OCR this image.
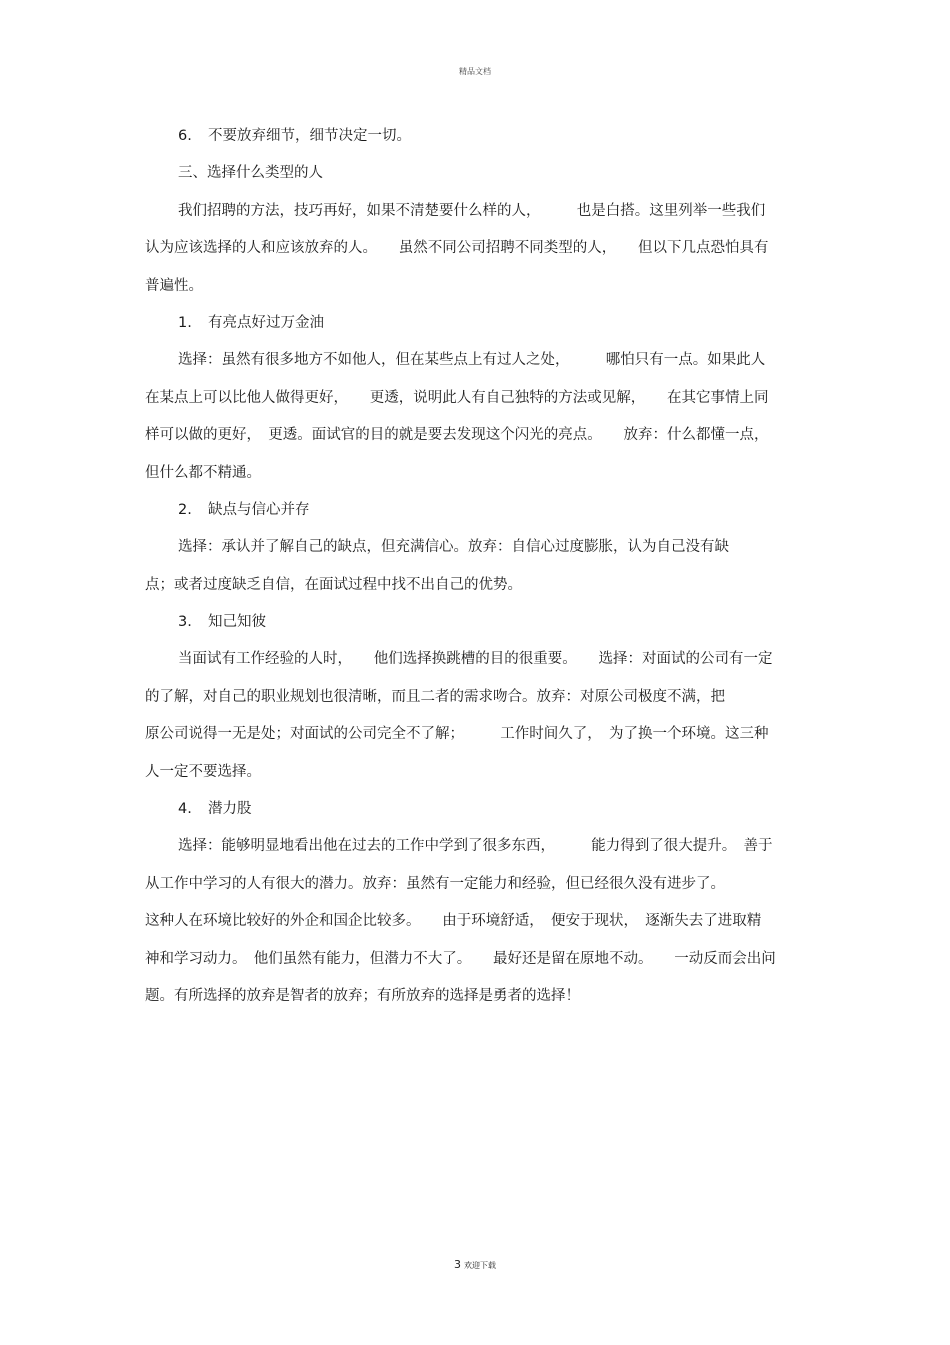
精品文档
6. 不要放弃细节，细节决定一切。
三、选择什么类型的人
我们招聘的方法，技巧再好，如果不清楚要什么样的人，　　　也是白搭。这里列举一些我们
认为应该选择的人和应该放弃的人。　　虽然不同公司招聘不同类型的人，　　但以下几点恐怕具有
普遍性。
1. 有亮点好过万金油
选择：虽然有很多地方不如他人，但在某些点上有过人之处，　　　哪怕只有一点。如果此人
在某点上可以比他人做得更好，　　更透，说明此人有自己独特的方法或见解，　　在其它事情上同
样可以做的更好，　更透。面试官的目的就是要去发现这个闪光的亮点。　　放弃：什么都懂一点，
但什么都不精通。
2. 缺点与信心并存
选择：承认并了解自己的缺点，但充满信心。放弃：自信心过度膨胀，认为自己没有缺
点；或者过度缺乏自信，在面试过程中找不出自己的优势。
3. 知己知彼
当面试有工作经验的人时，　　他们选择换跳槽的目的很重要。　　选择：对面试的公司有一定
的了解，对自己的职业规划也很清晰，而且二者的需求吻合。放弃：对原公司极度不满，把
原公司说得一无是处；对面试的公司完全不了解；　　　工作时间久了，　为了换一个环境。这三种
人一定不要选择。
4. 潜力股
选择：能够明显地看出他在过去的工作中学到了很多东西，　　　能力得到了很大提升。　善于
从工作中学习的人有很大的潜力。放弃：虽然有一定能力和经验，但已经很久没有进步了。
这种人在环境比较好的外企和国企比较多。　　由于环境舒适，　便安于现状，　逐渐失去了进取精
神和学习动力。　他们虽然有能力，但潜力不大了。　　最好还是留在原地不动。　　一动反而会出问
题。有所选择的放弃是智者的放弃；有所放弃的选择是勇者的选择！
3 欢迎下载
